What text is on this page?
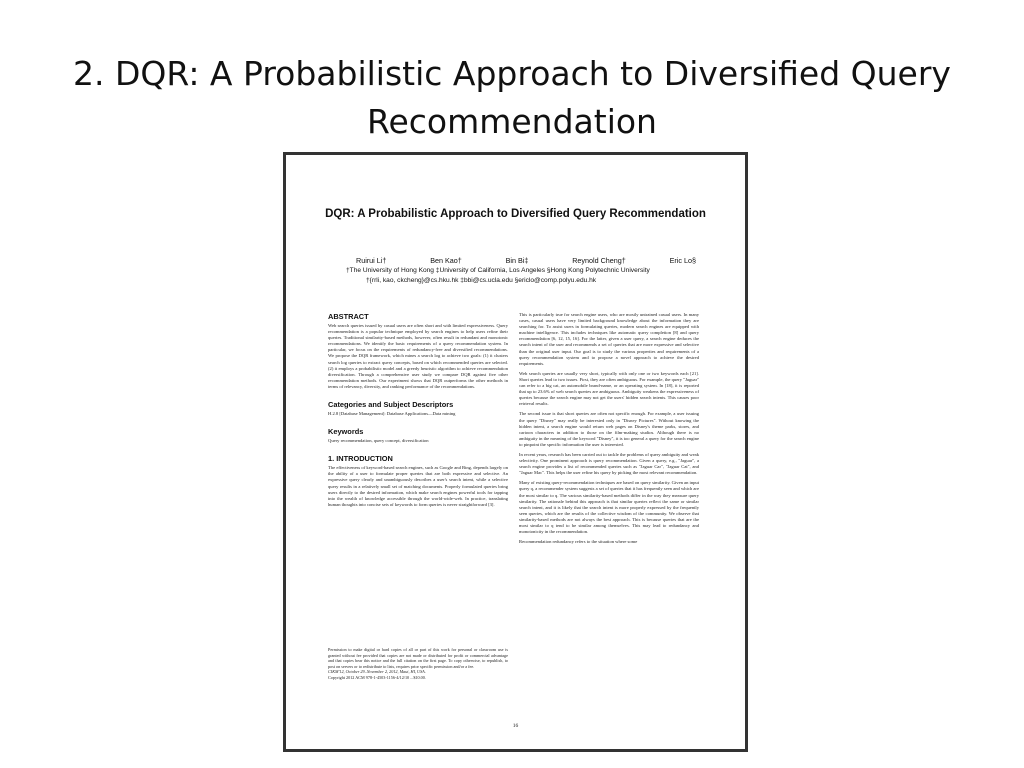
2. DQR: A Probabilistic Approach to Diversified Query Recommendation
DQR: A Probabilistic Approach to Diversified Query Recommendation
Ruirui Li†	Ben Kao†	Bin Bi‡	Reynold Cheng†	Eric Lo§
†The University of Hong Kong ‡University of California, Los Angeles §Hong Kong Polytechnic University
†{rrli, kao, ckcheng}@cs.hku.hk ‡bbi@cs.ucla.edu §ericlo@comp.polyu.edu.hk
ABSTRACT

Web search queries issued by casual users are often short and with limited expressiveness. Query recommendation is a popular technique employed by search engines to help users refine their queries. Traditional similarity-based methods, however, often result in redundant and monotonic recommendations. We identify the basic requirements of a query recommendation system. In particular, we focus on the requirements of redundancy-free and diversified recommendations. We propose the DQR framework, which mines a search log to achieve two goals: (1) it clusters search log queries to extract query concepts, based on which recommended queries are selected. (2) it employs a probabilistic model and a greedy heuristic algorithm to achieve recommendation diversification. Through a comprehensive user study we compare DQR against five other recommendation methods. Our experiment shows that DQR outperforms the other methods in terms of relevancy, diversity, and ranking performance of the recommendations.

Categories and Subject Descriptors

H.2.8 [Database Management]: Database Applications—Data mining

Keywords

Query recommendation, query concept, diversification

1. INTRODUCTION

The effectiveness of keyword-based search engines, such as Google and Bing, depends largely on the ability of a user to formulate proper queries that are both expressive and selective. An expressive query clearly and unambiguously describes a user's search intent, while a selective query results in a relatively small set of matching documents. Properly formulated queries bring users directly to the desired information, which make search engines powerful tools for tapping into the wealth of knowledge accessible through the world-wide-web. In practice, translating human thoughts into concise sets of keywords to form queries is never straightforward [3].

Permission to make digital or hard copies of all or part of this work for personal or classroom use is granted without fee provided that copies are not made or distributed for profit or commercial advantage and that copies bear this notice and the full citation on the first page. To copy otherwise, to republish, to post on servers or to redistribute to lists, requires prior specific permission and/or a fee.

CIKM'12, October 29–November 2, 2012, Maui, HI, USA.

Copyright 2012 ACM 978-1-4503-1156-4/12/10 ...$10.00.

This is particularly true for search engine users, who are mostly untrained casual users. In many cases, casual users have very limited background knowledge about the information they are searching for. To assist users in formulating queries, modern search engines are equipped with machine intelligence. This includes techniques like automatic query completion [8] and query recommendation [6, 12, 15, 16]. For the latter, given a user query, a search engine deduces the search intent of the user and recommends a set of queries that are more expressive and selective than the original user input. Our goal is to study the various properties and requirements of a query recommendation system and to propose a novel approach to achieve the desired requirements.

Web search queries are usually very short, typically with only one or two keywords each [21]. Short queries lead to two issues. First, they are often ambiguous. For example, the query "Jaguar" can refer to a big cat, an automobile brand-name, or an operating system. In [18], it is reported that up to 23.6% of web search queries are ambiguous. Ambiguity weakens the expressiveness of queries because the search engine may not get the users' hidden search intents. This causes poor retrieval results.

The second issue is that short queries are often not specific enough. For example, a user issuing the query "Disney" may really be interested only in "Disney Pictures". Without knowing the hidden intent, a search engine would return web pages on Disney's theme parks, stores, and cartoon characters in addition to those on the film-making studios. Although there is no ambiguity in the meaning of the keyword "Disney", it is too general a query for the search engine to pinpoint the specific information the user is interested.

In recent years, research has been carried out to tackle the problems of query ambiguity and weak selectivity. One prominent approach is query recommendation. Given a query, e.g., "Jaguar", a search engine provides a list of recommended queries such as "Jaguar Car", "Jaguar Cat", and "Jaguar Mac". This helps the user refine his query by picking the most relevant recommendation.

Many of existing query-recommendation techniques are based on query similarity. Given an input query q, a recommender system suggests a set of queries that it has frequently seen and which are the most similar to q. The various similarity-based methods differ in the way they measure query similarity. The rationale behind this approach is that similar queries reflect the same or similar search intent, and it is likely that the search intent is more properly expressed by the frequently seen queries, which are the results of the collective wisdom of the community. We observe that similarity-based methods are not always the best approach. This is because queries that are the most similar to q tend to be similar among themselves. This may lead to redundancy and monotonicity in the recommendation.

Recommendation redundancy refers to the situation where some

16
